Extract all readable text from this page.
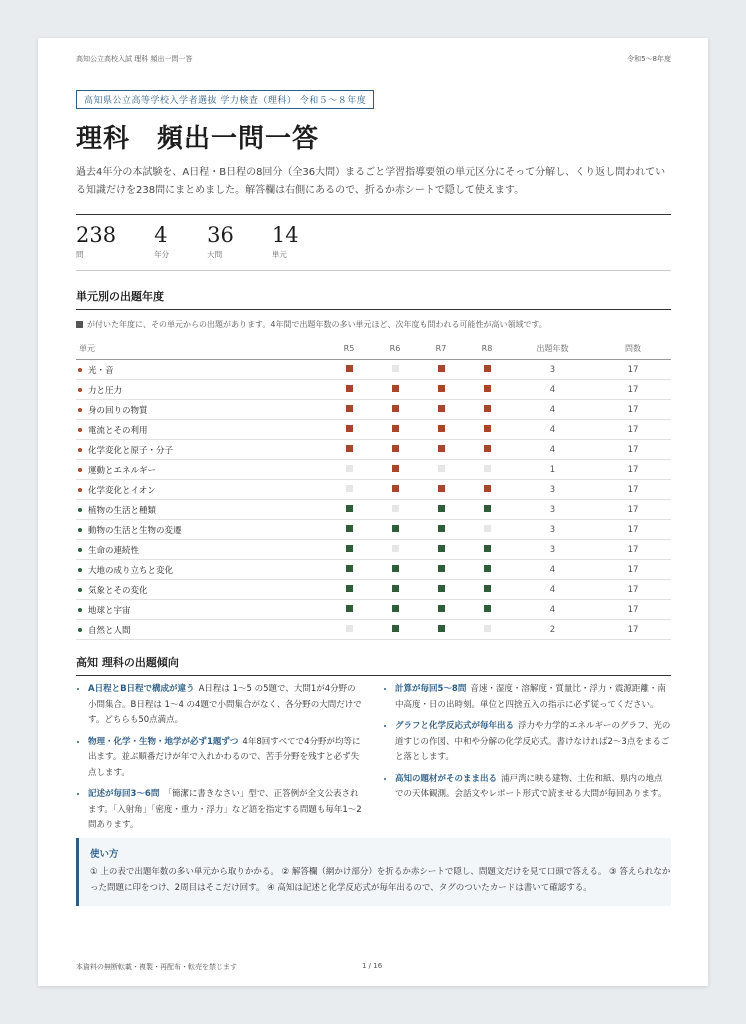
高知公立高校入試 理科 頻出一問一答	令和5～8年度
高知県公立高等学校入学者選抜 学力検査（理科） 令和５～８年度
理科　頻出一問一答
過去4年分の本試験を、A日程・B日程の8回分（全36大問）まるごと学習指導要領の単元区分にそって分解し、くり返し問われている知識だけを238問にまとめました。解答欄は右側にあるので、折るか赤シートで隠して使えます。
238
問
4
年分
36
大問
14
単元
単元別の出題年度
が付いた年度に、その単元からの出題があります。4年間で出題年数の多い単元ほど、次年度も問われる可能性が高い領域です。
単元	R5	R6	R7	R8	出題年数	問数
光・音					3	17
力と圧力					4	17
身の回りの物質					4	17
電流とその利用					4	17
化学変化と原子・分子					4	17
運動とエネルギー					1	17
化学変化とイオン					3	17
植物の生活と種類					3	17
動物の生活と生物の変遷					3	17
生命の連続性					3	17
大地の成り立ちと変化					4	17
気象とその変化					4	17
地球と宇宙					4	17
自然と人間					2	17
高知 理科の出題傾向
• A日程とB日程で構成が違う A日程は 1～5 の5題で、大問1が4分野の小問集合。B日程は 1～4 の4題で小問集合がなく、各分野の大問だけです。どちらも50点満点。
• 物理・化学・生物・地学が必ず1題ずつ 4年8回すべてで4分野が均等に出ます。並ぶ順番だけが年で入れかわるので、苦手分野を残すと必ず失点します。
• 記述が毎回3～6問 「簡潔に書きなさい」型で、正答例が全文公表されます。「入射角」「密度・重力・浮力」など語を指定する問題も毎年1～2問あります。
• 計算が毎回5～8問 音速・湿度・溶解度・質量比・浮力・震源距離・南中高度・日の出時刻。単位と四捨五入の指示に必ず従ってください。
• グラフと化学反応式が毎年出る 浮力や力学的エネルギーのグラフ、光の道すじの作図、中和や分解の化学反応式。書けなければ2～3点をまるごと落とします。
• 高知の題材がそのまま出る 浦戸湾に映る建物、土佐和紙、県内の地点での天体観測。会話文やレポート形式で読ませる大問が毎回あります。
使い方
① 上の表で出題年数の多い単元から取りかかる。 ② 解答欄（網かけ部分）を折るか赤シートで隠し、問題文だけを見て口頭で答える。 ③ 答えられなかった問題に印をつけ、2周目はそこだけ回す。 ④ 高知は記述と化学反応式が毎年出るので、タグのついたカードは書いて確認する。
本資料の無断転載・複製・再配布・転売を禁じます	1 / 16
